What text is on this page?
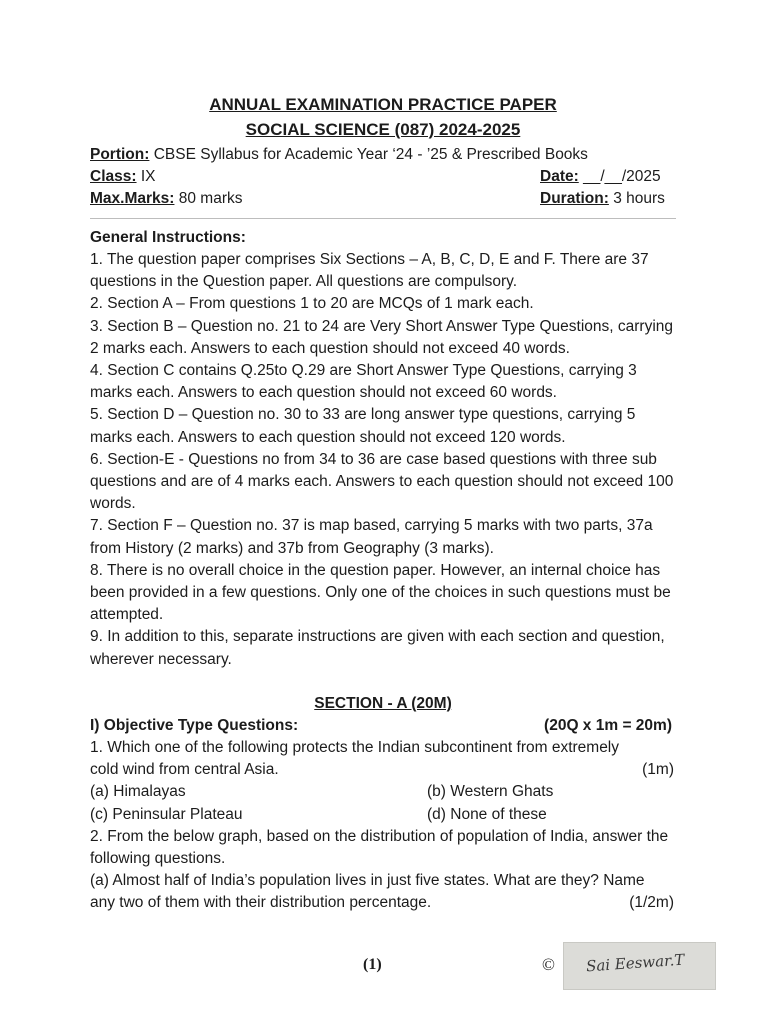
ANNUAL EXAMINATION PRACTICE PAPER
SOCIAL SCIENCE (087) 2024-2025
Portion: CBSE Syllabus for Academic Year ‘24 - ’25 & Prescribed Books
Class: IX	Date: __/__/2025
Max.Marks: 80 marks	Duration: 3 hours
General Instructions:
1. The question paper comprises Six Sections – A, B, C, D, E and F. There are 37 questions in the Question paper. All questions are compulsory.
2. Section A – From questions 1 to 20 are MCQs of 1 mark each.
3. Section B – Question no. 21 to 24 are Very Short Answer Type Questions, carrying 2 marks each. Answers to each question should not exceed 40 words.
4. Section C contains Q.25to Q.29 are Short Answer Type Questions, carrying 3 marks each. Answers to each question should not exceed 60 words.
5. Section D – Question no. 30 to 33 are long answer type questions, carrying 5 marks each. Answers to each question should not exceed 120 words.
6. Section-E - Questions no from 34 to 36 are case based questions with three sub questions and are of 4 marks each. Answers to each question should not exceed 100 words.
7. Section F – Question no. 37 is map based, carrying 5 marks with two parts, 37a from History (2 marks) and 37b from Geography (3 marks).
8. There is no overall choice in the question paper. However, an internal choice has been provided in a few questions. Only one of the choices in such questions must be attempted.
9. In addition to this, separate instructions are given with each section and question, wherever necessary.
SECTION - A (20M)
I) Objective Type Questions:	(20Q x 1m = 20m)
1. Which one of the following protects the Indian subcontinent from extremely
cold wind from central Asia.	(1m)
(a) Himalayas	(b) Western Ghats
(c) Peninsular Plateau	(d) None of these
2. From the below graph, based on the distribution of population of India, answer the following questions.
(a) Almost half of India’s population lives in just five states. What are they? Name
any two of them with their distribution percentage.	(1/2m)
(1)	© Sai Eeswar.T
